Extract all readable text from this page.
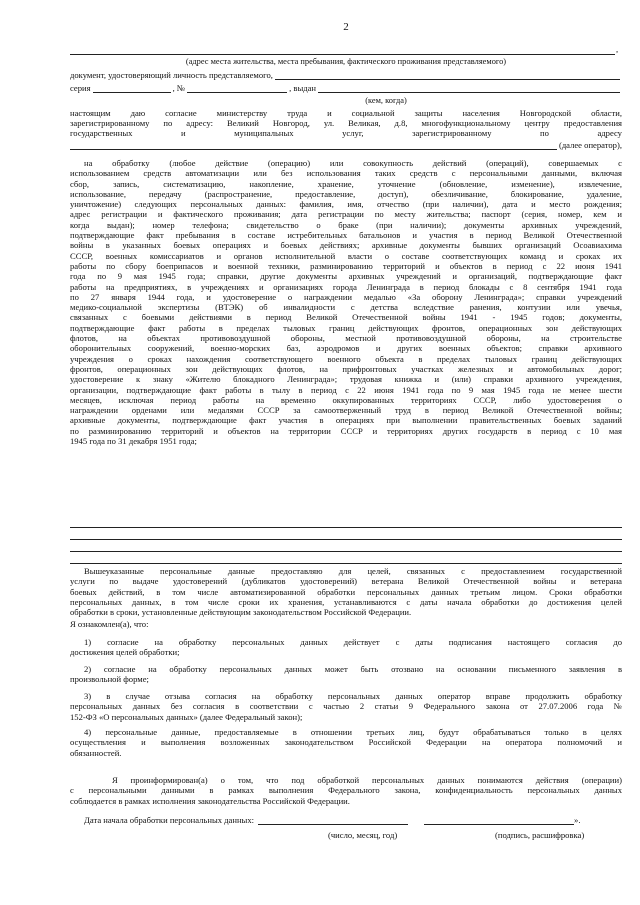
2
,
(адрес места жительства, места пребывания, фактического проживания представляемого)
документ, удостоверяющий личность представляемого,
серия	, №	, выдан
(кем, когда)
настоящим даю согласие министерству труда и социальной защиты населения Новгородской области,
зарегистрированному по адресу: Великий Новгород, ул. Великая, д.8, многофункциональному центру предоставления
государственных	и	муниципальных	услуг,	зарегистрированному	по	адресу
(далее оператор),
на обработку (любое действие (операцию) или совокупность действий (операций), совершаемых с
использованием средств автоматизации или без использования таких средств с персональными данными, включая
сбор, запись, систематизацию, накопление, хранение, уточнение (обновление, изменение), извлечение,
использование, передачу (распространение, предоставление, доступ), обезличивание, блокирование, удаление,
уничтожение) следующих персональных данных: фамилия, имя, отчество (при наличии), дата и место рождения;
адрес регистрации и фактического проживания; дата регистрации по месту жительства; паспорт (серия, номер, кем и
когда выдан); номер телефона; свидетельство о браке (при наличии); документы архивных учреждений,
подтверждающие факт пребывания в составе истребительных батальонов и участия в период Великой Отечественной
войны в указанных боевых операциях и боевых действиях; архивные документы бывших организаций Осоавиахима
СССР, военных комиссариатов и органов исполнительной власти о составе соответствующих команд и сроках их
работы по сбору боеприпасов и военной техники, разминированию территорий и объектов в период с 22 июня 1941
года по 9 мая 1945 года; справки, другие документы архивных учреждений и организаций, подтверждающие факт
работы на предприятиях, в учреждениях и организациях города Ленинграда в период блокады с 8 сентября 1941 года
по 27 января 1944 года, и удостоверение о награждении медалью «За оборону Ленинграда»; справки учреждений
медико-социальной экспертизы (ВТЭК) об инвалидности с детства вследствие ранения, контузии или увечья,
связанных с боевыми действиями в период Великой Отечественной войны 1941 - 1945 годов; документы,
подтверждающие факт работы в пределах тыловых границ действующих фронтов, операционных зон действующих
флотов, на объектах противовоздушной обороны, местной противовоздушной обороны, на строительстве
оборонительных сооружений, военно-морских баз, аэродромов и других военных объектов; справки архивного
учреждения о сроках нахождения соответствующего военного объекта в пределах тыловых границ действующих
фронтов, операционных зон действующих флотов, на прифронтовых участках железных и автомобильных дорог;
удостоверение к знаку «Жителю блокадного Ленинграда»; трудовая книжка и (или) справки архивного учреждения,
организации, подтверждающие факт работы в тылу в период с 22 июня 1941 года по 9 мая 1945 года не менее шести
месяцев, исключая период работы на временно оккупированных территориях СССР, либо удостоверения о
награждении орденами или медалями СССР за самоотверженный труд в период Великой Отечественной войны;
архивные документы, подтверждающие факт участия в операциях при выполнении правительственных боевых заданий
по разминированию территорий и объектов на территории СССР и территориях других государств в период с 10 мая
1945 года по 31 декабря 1951 года;
Вышеуказанные персональные данные предоставляю для целей, связанных с предоставлением государственной
услуги по выдаче удостоверений (дубликатов удостоверений) ветерана Великой Отечественной войны и ветерана
боевых действий, в том числе автоматизированной обработки персональных данных третьим лицом. Сроки обработки
персональных данных, в том числе сроки их хранения, устанавливаются с даты начала обработки до достижения целей
обработки в сроки, установленные действующим законодательством Российской Федерации.
Я ознакомлен(а), что:
1) согласие на обработку персональных данных действует с даты подписания настоящего согласия до
достижения целей обработки;
2) согласие на обработку персональных данных может быть отозвано на основании письменного заявления в
произвольной форме;
3) в случае отзыва согласия на обработку персональных данных оператор вправе продолжить обработку
персональных данных без согласия в соответствии с частью 2 статьи 9 Федерального закона от 27.07.2006 года №
152-ФЗ «О персональных данных» (далее Федеральный закон);
4) персональные данные, предоставляемые в отношении третьих лиц, будут обрабатываться только в целях
осуществления и выполнения возложенных законодательством Российской Федерации на оператора полномочий и
обязанностей.
Я проинформирован(а) о том, что под обработкой персональных данных понимаются действия (операции)
с персональными данными в рамках выполнения Федерального закона, конфиденциальность персональных данных
соблюдается в рамках исполнения законодательства Российской Федерации.
Дата начала обработки персональных данных:	».
(число, месяц, год)	(подпись, расшифровка)
